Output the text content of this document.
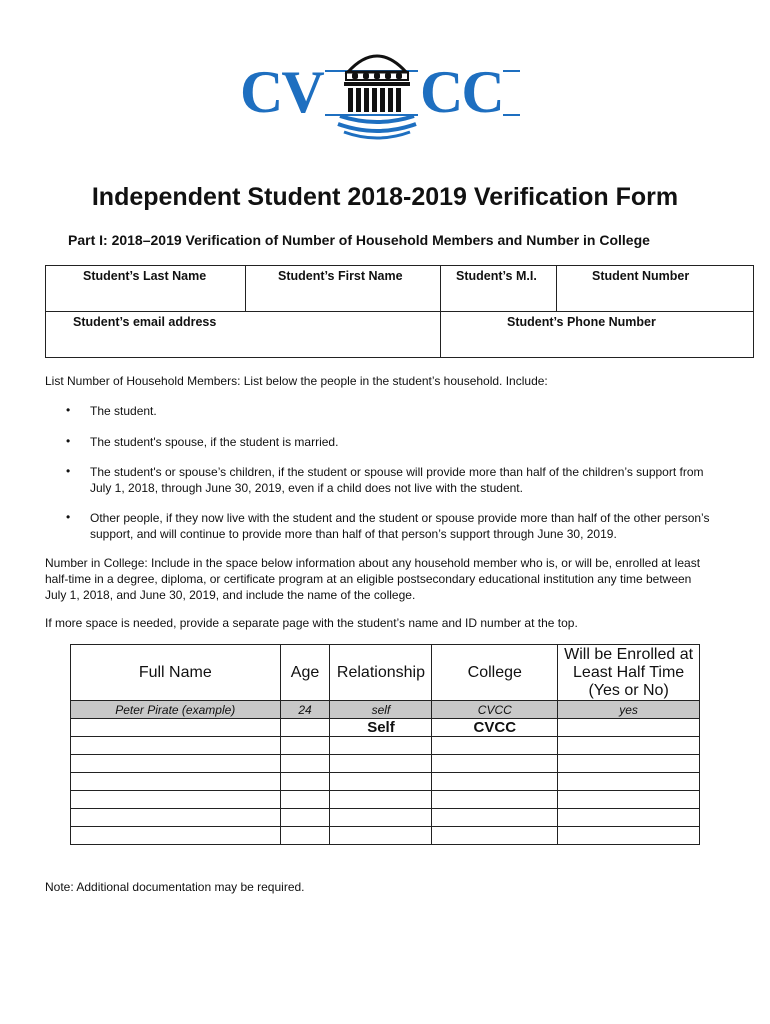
CV CC
Independent Student 2018-2019 Verification Form
Part I: 2018–2019 Verification of Number of Household Members and Number in College
Student’s Last Name	Student’s First Name	Student’s M.I.	Student Number
Student’s email address	Student’s Phone Number
List Number of Household Members: List below the people in the student’s household. Include:
• The student.
• The student's spouse, if the student is married.
• The student's or spouse’s children, if the student or spouse will provide more than half of the children’s support from July 1, 2018, through June 30, 2019, even if a child does not live with the student.
• Other people, if they now live with the student and the student or spouse provide more than half of the other person’s support, and will continue to provide more than half of that person’s support through June 30, 2019.
Number in College: Include in the space below information about any household member who is, or will be, enrolled at least half-time in a degree, diploma, or certificate program at an eligible postsecondary educational institution any time between July 1, 2018, and June 30, 2019, and include the name of the college.
If more space is needed, provide a separate page with the student’s name and ID number at the top.
Full Name	Age	Relationship	College	Will be Enrolled at Least Half Time (Yes or No)
Peter Pirate (example)	24	self	CVCC	yes
		Self	CVCC	

Note: Additional documentation may be required.
